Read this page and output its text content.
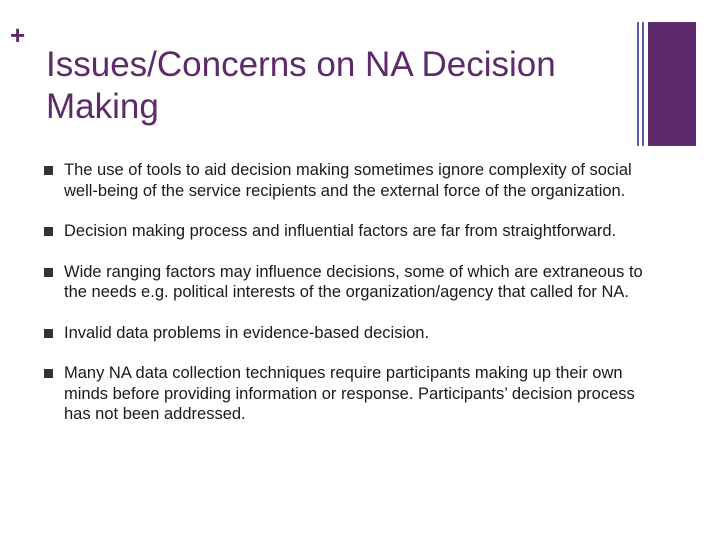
+
Issues/Concerns on NA Decision Making
The use of tools to aid decision making sometimes ignore complexity of social well-being of the service recipients and the external force of the organization.
Decision making process and influential factors are far from straightforward.
Wide ranging factors may influence decisions, some of which are extraneous to the needs e.g. political interests of the organization/agency that called for NA.
Invalid data problems in evidence-based decision.
Many NA data collection techniques require participants making up their own minds before providing information or response. Participants’ decision process has not been addressed.
